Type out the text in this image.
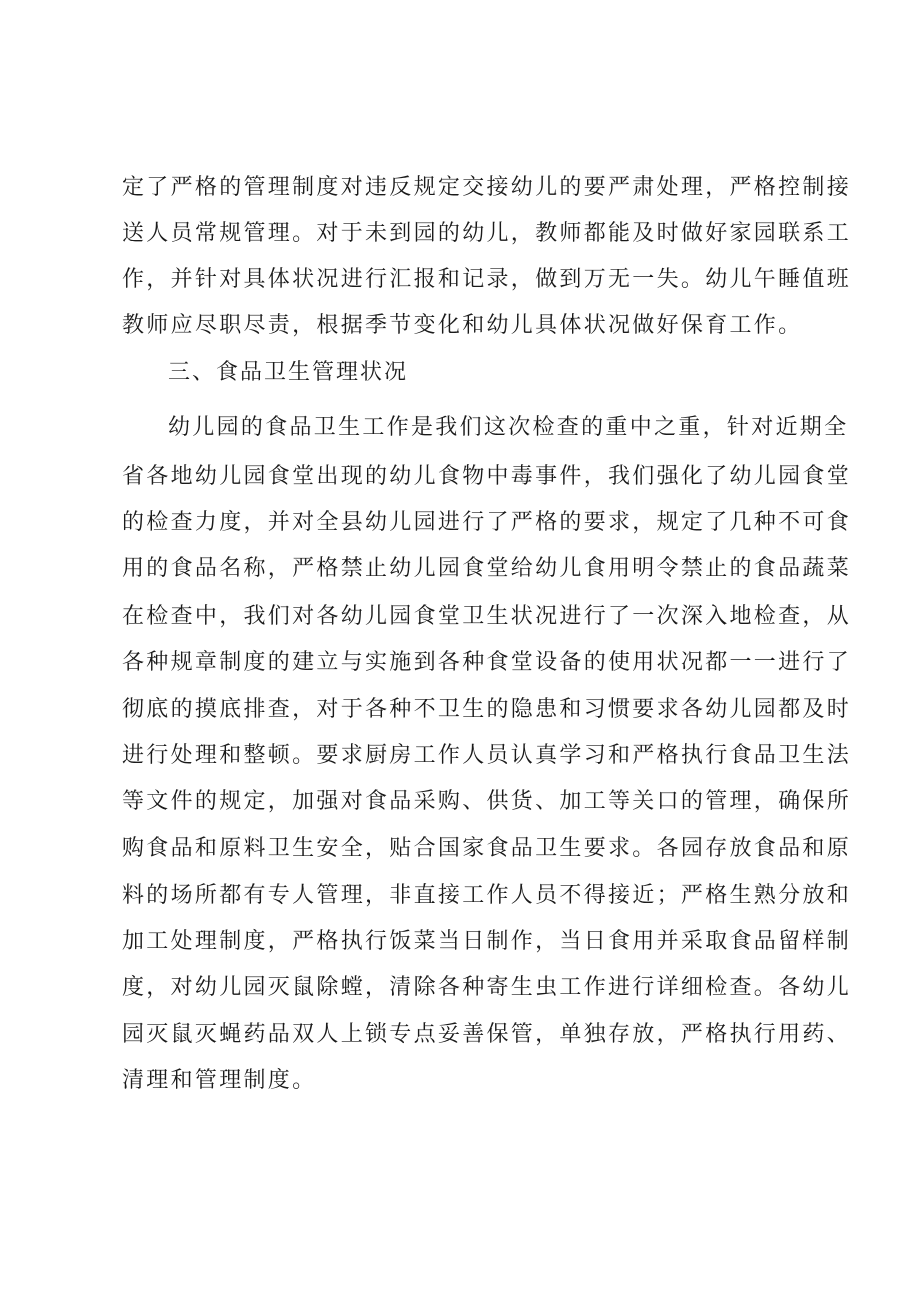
定了严格的管理制度对违反规定交接幼儿的要严肃处理，严格控制接
送人员常规管理。对于未到园的幼儿，教师都能及时做好家园联系工
作，并针对具体状况进行汇报和记录，做到万无一失。幼儿午睡值班
教师应尽职尽责，根据季节变化和幼儿具体状况做好保育工作。
三、食品卫生管理状况
幼儿园的食品卫生工作是我们这次检查的重中之重，针对近期全
省各地幼儿园食堂出现的幼儿食物中毒事件，我们强化了幼儿园食堂
的检查力度，并对全县幼儿园进行了严格的要求，规定了几种不可食
用的食品名称，严格禁止幼儿园食堂给幼儿食用明令禁止的食品蔬菜
在检查中，我们对各幼儿园食堂卫生状况进行了一次深入地检查，从
各种规章制度的建立与实施到各种食堂设备的使用状况都一一进行了
彻底的摸底排查，对于各种不卫生的隐患和习惯要求各幼儿园都及时
进行处理和整顿。要求厨房工作人员认真学习和严格执行食品卫生法
等文件的规定，加强对食品采购、供货、加工等关口的管理，确保所
购食品和原料卫生安全，贴合国家食品卫生要求。各园存放食品和原
料的场所都有专人管理，非直接工作人员不得接近；严格生熟分放和
加工处理制度，严格执行饭菜当日制作，当日食用并采取食品留样制
度，对幼儿园灭鼠除螳，清除各种寄生虫工作进行详细检查。各幼儿
园灭鼠灭蝇药品双人上锁专点妥善保管，单独存放，严格执行用药、
清理和管理制度。
